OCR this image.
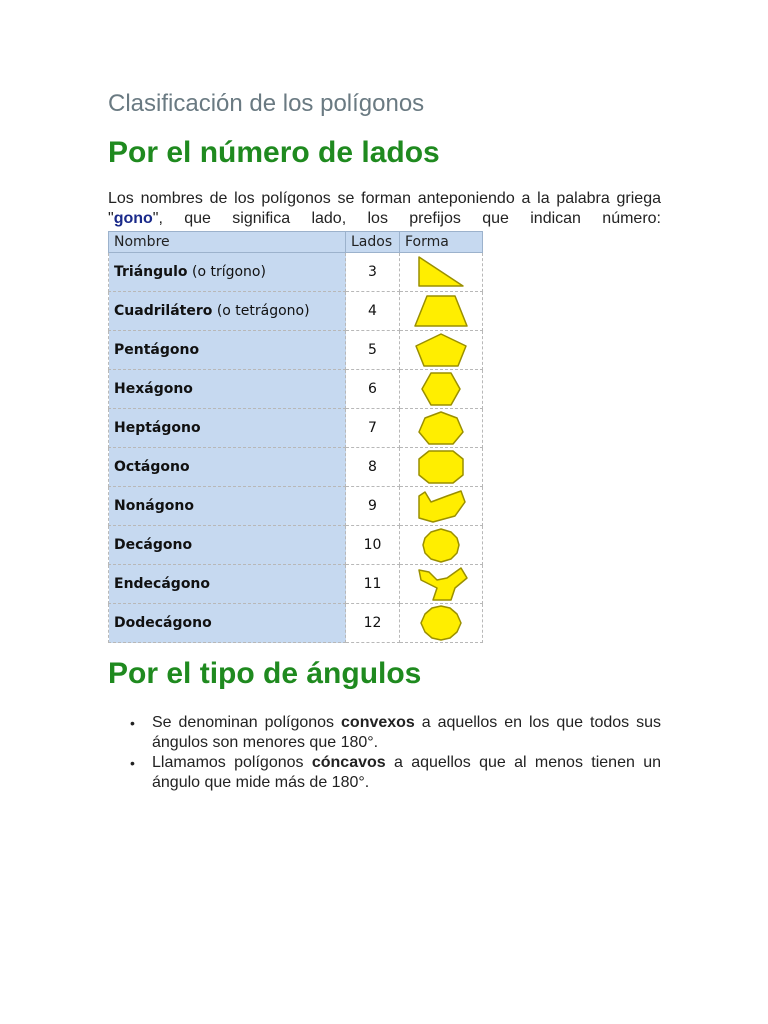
Clasificación de los polígonos
Por el número de lados
Los nombres de los polígonos se forman anteponiendo a la palabra griega "gono", que significa lado, los prefijos que indican número:
Nombre	Lados	Forma
Triángulo (o trígono)	3	

Cuadrilátero (o tetrágono)	4	

Pentágono	5	

Hexágono	6	

Heptágono	7	

Octágono	8	

Nonágono	9	

Decágono	10	

Endecágono	11	

Dodecágono	12	
Por el tipo de ángulos
• Se denominan polígonos convexos a aquellos en los que todos sus ángulos son menores que 180°.
• Llamamos polígonos cóncavos a aquellos que al menos tienen un ángulo que mide más de 180°.
